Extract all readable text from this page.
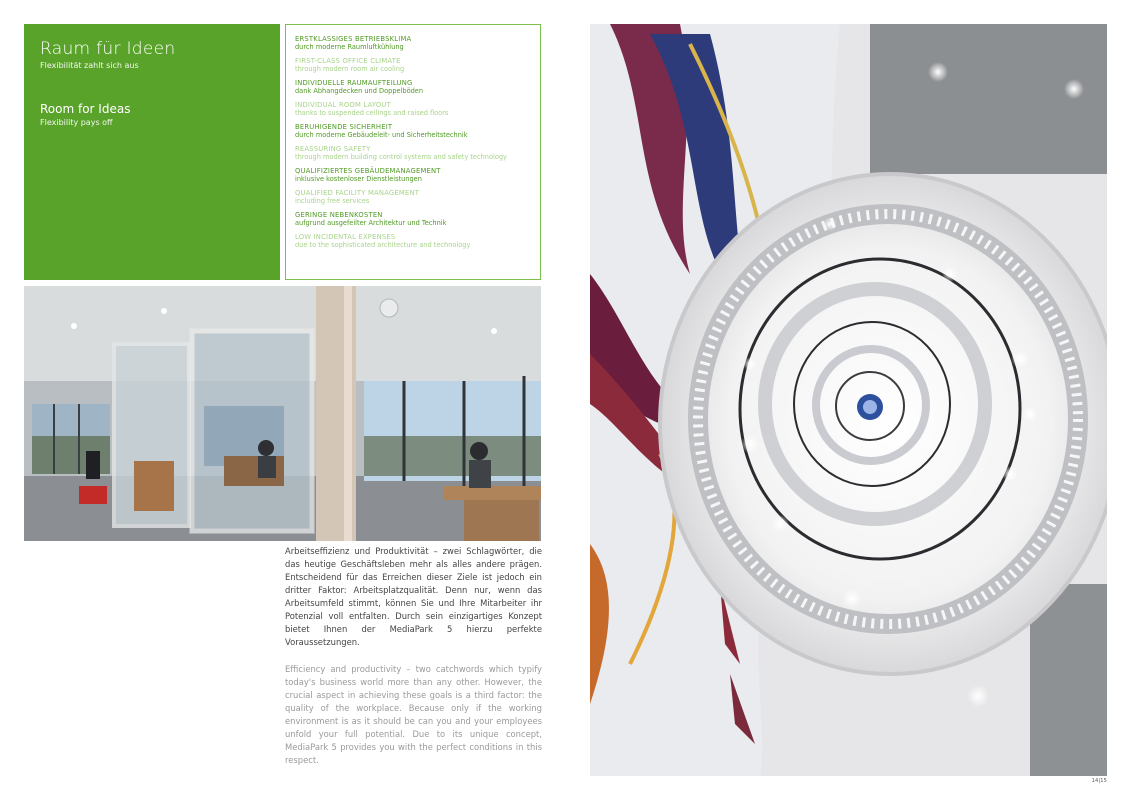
Raum für Ideen
Flexibilität zahlt sich aus
Room for Ideas
Flexibility pays off
ERSTKLASSIGES BETRIEBSKLIMA
durch moderne Raumluftkühlung
FIRST-CLASS OFFICE CLIMATE
through modern room air cooling
INDIVIDUELLE RAUMAUFTEILUNG
dank Abhangdecken und Doppelböden
INDIVIDUAL ROOM LAYOUT
thanks to suspended ceilings and raised floors
BERUHIGENDE SICHERHEIT
durch moderne Gebäudeleit- und Sicherheitstechnik
REASSURING SAFETY
through modern building control systems and safety technology
QUALIFIZIERTES GEBÄUDEMANAGEMENT
inklusive kostenloser Dienstleistungen
QUALIFIED FACILITY MANAGEMENT
including free services
GERINGE NEBENKOSTEN
aufgrund ausgefeilter Architektur und Technik
LOW INCIDENTAL EXPENSES
due to the sophisticated architecture and technology
Arbeitseffizienz und Produktivität – zwei Schlagwörter, die das heutige Geschäftsleben mehr als alles andere prägen. Entscheidend für das Erreichen dieser Ziele ist jedoch ein dritter Faktor: Arbeitsplatzqualität. Denn nur, wenn das Arbeitsumfeld stimmt, können Sie und Ihre Mitarbeiter ihr Potenzial voll entfalten. Durch sein einzigartiges Konzept bietet Ihnen der MediaPark 5 hierzu perfekte Voraussetzungen.
Efficiency and productivity – two catchwords which typify today's business world more than any other. However, the crucial aspect in achieving these goals is a third factor: the quality of the workplace. Because only if the working environment is as it should be can you and your employees unfold your full potential. Due to its unique concept, MediaPark 5 provides you with the perfect conditions in this respect.
14|15
